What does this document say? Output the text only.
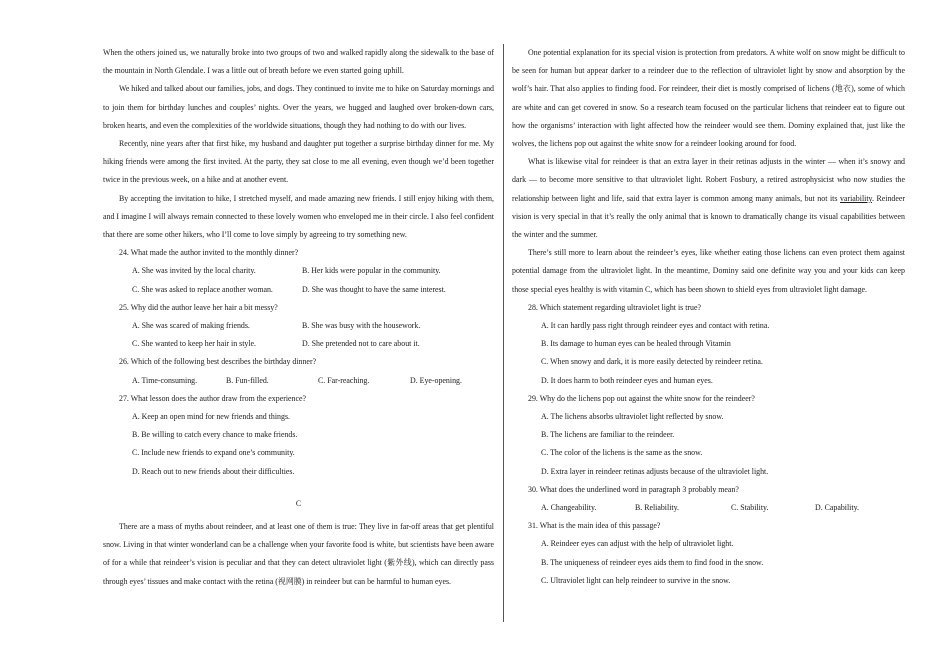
When the others joined us, we naturally broke into two groups of two and walked rapidly along the sidewalk to the base of the mountain in North Glendale. I was a little out of breath before we even started going uphill.

We hiked and talked about our families, jobs, and dogs. They continued to invite me to hike on Saturday mornings and to join them for birthday lunches and couples’ nights. Over the years, we hugged and laughed over broken-down cars, broken hearts, and even the complexities of the worldwide situations, though they had nothing to do with our lives.

Recently, nine years after that first hike, my husband and daughter put together a surprise birthday dinner for me. My hiking friends were among the first invited. At the party, they sat close to me all evening, even though we’d been together twice in the previous week, on a hike and at another event.

By accepting the invitation to hike, I stretched myself, and made amazing new friends. I still enjoy hiking with them, and I imagine I will always remain connected to these lovely women who enveloped me in their circle. I also feel confident that there are some other hikers, who I’ll come to love simply by agreeing to try something new.

24. What made the author invited to the monthly dinner?
A. She was invited by the local charity.	B. Her kids were popular in the community.
C. She was asked to replace another woman.	D. She was thought to have the same interest.
25. Why did the author leave her hair a bit messy?
A. She was scared of making friends.	B. She was busy with the housework.
C. She wanted to keep her hair in style.	D. She pretended not to care about it.
26. Which of the following best describes the birthday dinner?
A. Time-consuming.	B. Fun-filled.	C. Far-reaching.	D. Eye-opening.
27. What lesson does the author draw from the experience?
A. Keep an open mind for new friends and things.
B. Be willing to catch every chance to make friends.
C. Include new friends to expand one’s community.
D. Reach out to new friends about their difficulties.

C

There are a mass of myths about reindeer, and at least one of them is true: They live in far-off areas that get plentiful snow. Living in that winter wonderland can be a challenge when your favorite food is white, but scientists have been aware of for a while that reindeer’s vision is peculiar and that they can detect ultraviolet light (紫外线), which can directly pass through eyes’ tissues and make contact with the retina (视网膜) in reindeer but can be harmful to human eyes.

One potential explanation for its special vision is protection from predators. A white wolf on snow might be difficult to be seen for human but appear darker to a reindeer due to the reflection of ultraviolet light by snow and absorption by the wolf’s hair. That also applies to finding food. For reindeer, their diet is mostly comprised of lichens (地衣), some of which are white and can get covered in snow. So a research team focused on the particular lichens that reindeer eat to figure out how the organisms’ interaction with light affected how the reindeer would see them. Dominy explained that, just like the wolves, the lichens pop out against the white snow for a reindeer looking around for food.

What is likewise vital for reindeer is that an extra layer in their retinas adjusts in the winter — when it’s snowy and dark — to become more sensitive to that ultraviolet light. Robert Fosbury, a retired astrophysicist who now studies the relationship between light and life, said that extra layer is common among many animals, but not its variability. Reindeer vision is very special in that it’s really the only animal that is known to dramatically change its visual capabilities between the winter and the summer.

There’s still more to learn about the reindeer’s eyes, like whether eating those lichens can even protect them against potential damage from the ultraviolet light. In the meantime, Dominy said one definite way you and your kids can keep those special eyes healthy is with vitamin C, which has been shown to shield eyes from ultraviolet light damage.

28. Which statement regarding ultraviolet light is true?
A. It can hardly pass right through reindeer eyes and contact with retina.
B. Its damage to human eyes can be healed through Vitamin
C. When snowy and dark, it is more easily detected by reindeer retina.
D. It does harm to both reindeer eyes and human eyes.
29. Why do the lichens pop out against the white snow for the reindeer?
A. The lichens absorbs ultraviolet light reflected by snow.
B. The lichens are familiar to the reindeer.
C. The color of the lichens is the same as the snow.
D. Extra layer in reindeer retinas adjusts because of the ultraviolet light.
30. What does the underlined word in paragraph 3 probably mean?
A. Changeability.	B. Reliability.	C. Stability.	D. Capability.
31. What is the main idea of this passage?
A. Reindeer eyes can adjust with the help of ultraviolet light.
B. The uniqueness of reindeer eyes aids them to find food in the snow.
C. Ultraviolet light can help reindeer to survive in the snow.
